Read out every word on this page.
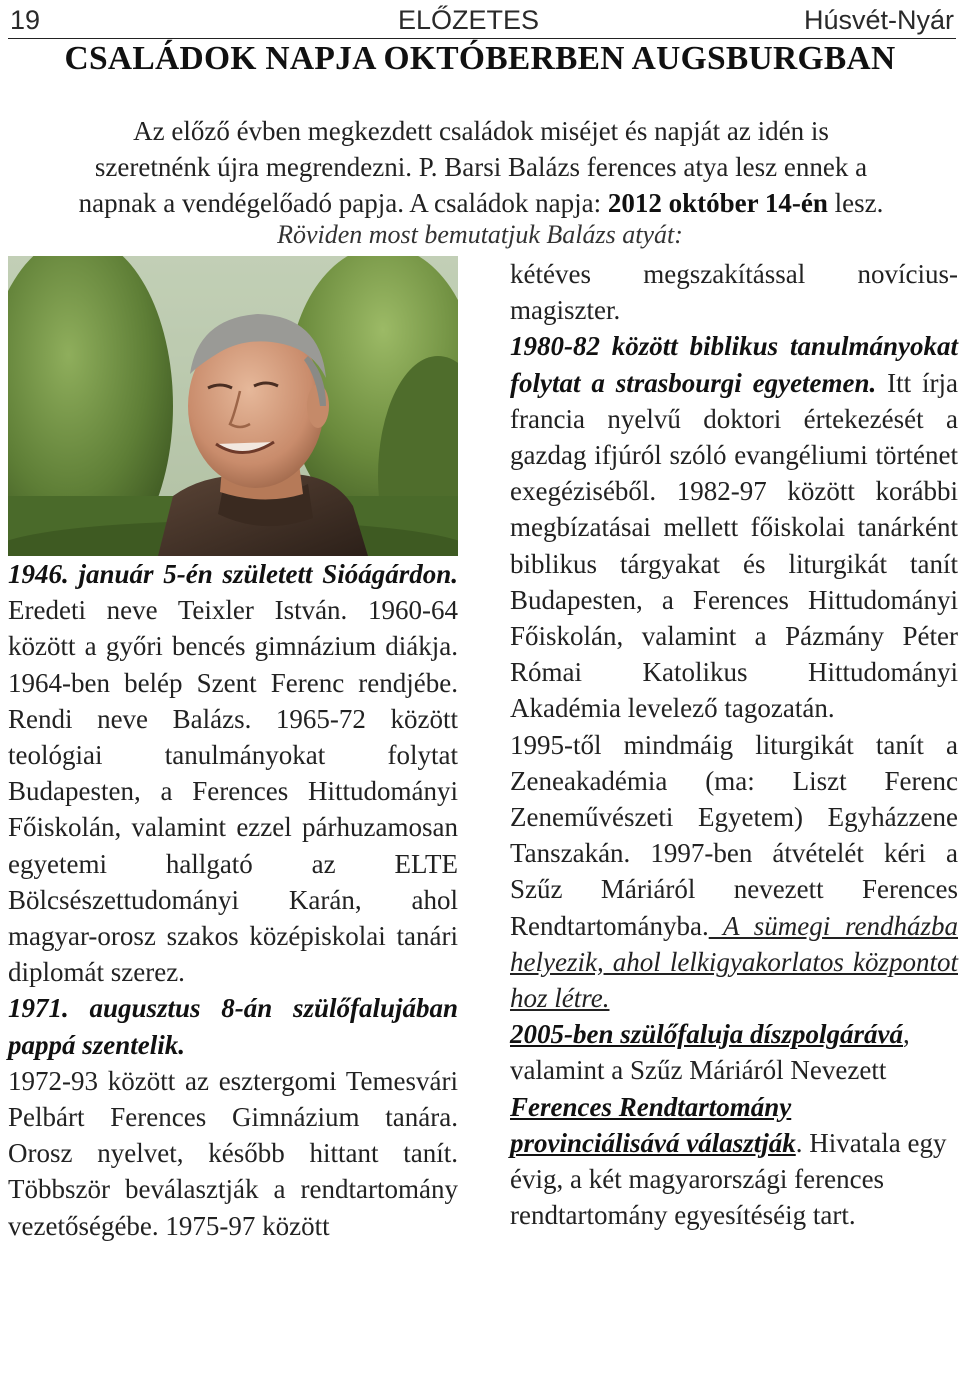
19	ELŐZETES	Húsvét-Nyár
CSALÁDOK NAPJA OKTÓBERBEN AUGSBURGBAN
Az előző évben megkezdett családok miséjet és napját az idén is
szeretnénk újra megrendezni. P. Barsi Balázs ferences atya lesz ennek a
napnak a vendégelőadó papja. A családok napja: 2012 október 14-én lesz.
Röviden most bemutatjuk Balázs atyát:

1946. január 5-én született Sióágárdon. Eredeti neve Teixler István. 1960-64 között a győri bencés gimnázium diákja. 1964-ben belép Szent Ferenc rendjébe. Rendi neve Balázs. 1965-72 között teológiai tanulmányokat folytat Budapesten, a Ferences Hittudományi Főiskolán, valamint ezzel párhuzamosan egyetemi hallgató az ELTE Bölcsészettudományi Karán, ahol magyar-orosz szakos középiskolai tanári diplomát szerez.

1971. augusztus 8-án szülőfalujában pappá szentelik.

1972-93 között az esztergomi Temesvári Pelbárt Ferences Gimnázium tanára. Orosz nyelvet, később hittant tanít. Többször beválasztják a rendtartomány vezetőségébe. 1975-97 között

kétéves megszakítással novícius-magiszter.

1980-82 között biblikus tanulmányokat folytat a strasbourgi egyetemen. Itt írja francia nyelvű doktori értekezését a gazdag ifjúról szóló evangéliumi történet exegéziséből. 1982-97 között korábbi megbízatásai mellett főiskolai tanárként biblikus tárgyakat és liturgikát tanít Budapesten, a Ferences Hittudományi Főiskolán, valamint a Pázmány Péter Római Katolikus Hittudományi Akadémia levelező tagozatán.

1995-től mindmáig liturgikát tanít a Zeneakadémia (ma: Liszt Ferenc Zeneművészeti Egyetem) Egyházzene Tanszakán. 1997-ben átvételét kéri a Szűz Máriáról nevezett Ferences Rendtartományba. A sümegi rendházba helyezik, ahol lelkigyakorlatos központot hoz létre.

2005-ben szülőfaluja díszpolgárává, valamint a Szűz Máriáról Nevezett Ferences Rendtartomány provinciálisává választják. Hivatala egy évig, a két magyarországi ferences rendtartomány egyesítéséig tart.
